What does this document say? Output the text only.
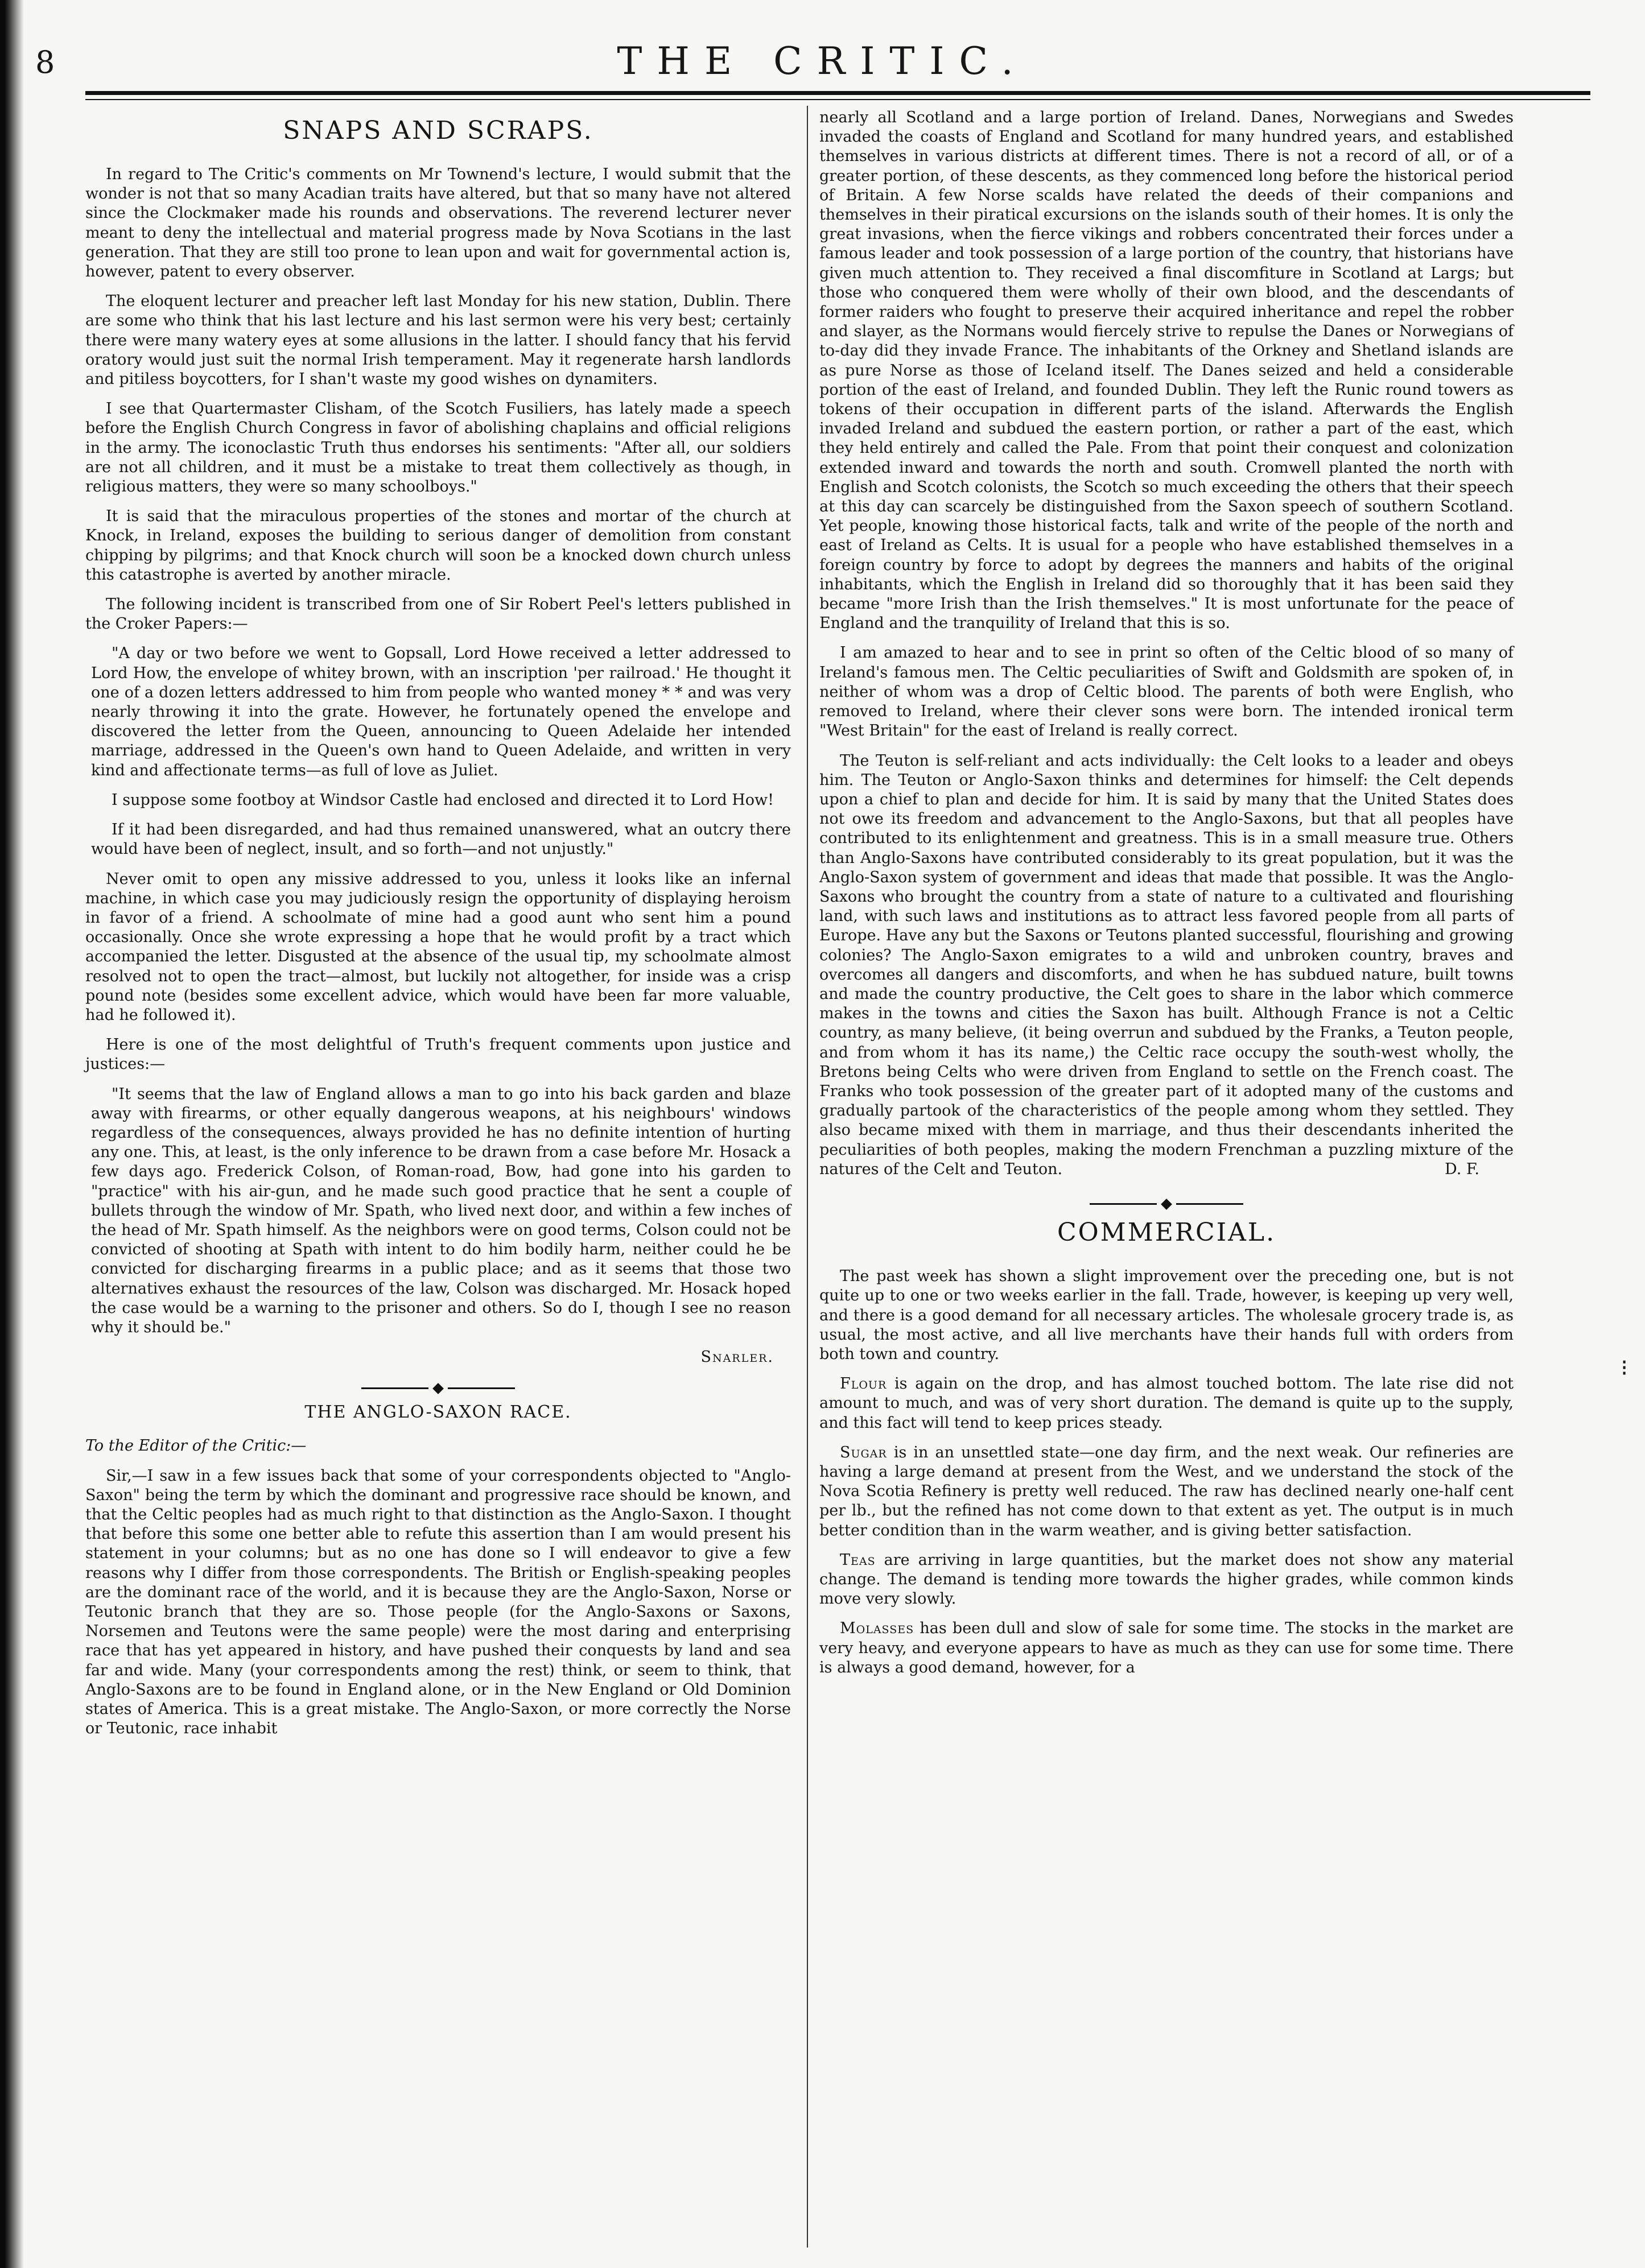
8	THE CRITIC.
SNAPS AND SCRAPS.

In regard to The Critic's comments on Mr Townend's lecture, I would submit that the wonder is not that so many Acadian traits have altered, but that so many have not altered since the Clockmaker made his rounds and observations. The reverend lecturer never meant to deny the intellectual and material progress made by Nova Scotians in the last generation. That they are still too prone to lean upon and wait for governmental action is, however, patent to every observer.

The eloquent lecturer and preacher left last Monday for his new station, Dublin. There are some who think that his last lecture and his last sermon were his very best; certainly there were many watery eyes at some allusions in the latter. I should fancy that his fervid oratory would just suit the normal Irish temperament. May it regenerate harsh landlords and pitiless boycotters, for I shan't waste my good wishes on dynamiters.

I see that Quartermaster Clisham, of the Scotch Fusiliers, has lately made a speech before the English Church Congress in favor of abolishing chaplains and official religions in the army. The iconoclastic Truth thus endorses his sentiments: "After all, our soldiers are not all children, and it must be a mistake to treat them collectively as though, in religious matters, they were so many schoolboys."

It is said that the miraculous properties of the stones and mortar of the church at Knock, in Ireland, exposes the building to serious danger of demolition from constant chipping by pilgrims; and that Knock church will soon be a knocked down church unless this catastrophe is averted by another miracle.

The following incident is transcribed from one of Sir Robert Peel's letters published in the Croker Papers:—

"A day or two before we went to Gopsall, Lord Howe received a letter addressed to Lord How, the envelope of whitey brown, with an inscription 'per railroad.' He thought it one of a dozen letters addressed to him from people who wanted money * * and was very nearly throwing it into the grate. However, he fortunately opened the envelope and discovered the letter from the Queen, announcing to Queen Adelaide her intended marriage, addressed in the Queen's own hand to Queen Adelaide, and written in very kind and affectionate terms—as full of love as Juliet.

I suppose some footboy at Windsor Castle had enclosed and directed it to Lord How!

If it had been disregarded, and had thus remained unanswered, what an outcry there would have been of neglect, insult, and so forth—and not unjustly."

Never omit to open any missive addressed to you, unless it looks like an infernal machine, in which case you may judiciously resign the opportunity of displaying heroism in favor of a friend. A schoolmate of mine had a good aunt who sent him a pound occasionally. Once she wrote expressing a hope that he would profit by a tract which accompanied the letter. Disgusted at the absence of the usual tip, my schoolmate almost resolved not to open the tract—almost, but luckily not altogether, for inside was a crisp pound note (besides some excellent advice, which would have been far more valuable, had he followed it).

Here is one of the most delightful of Truth's frequent comments upon justice and justices:—

"It seems that the law of England allows a man to go into his back garden and blaze away with firearms, or other equally dangerous weapons, at his neighbours' windows regardless of the consequences, always provided he has no definite intention of hurting any one. This, at least, is the only inference to be drawn from a case before Mr. Hosack a few days ago. Frederick Colson, of Roman-road, Bow, had gone into his garden to "practice" with his air-gun, and he made such good practice that he sent a couple of bullets through the window of Mr. Spath, who lived next door, and within a few inches of the head of Mr. Spath himself. As the neighbors were on good terms, Colson could not be convicted of shooting at Spath with intent to do him bodily harm, neither could he be convicted for discharging firearms in a public place; and as it seems that those two alternatives exhaust the resources of the law, Colson was discharged. Mr. Hosack hoped the case would be a warning to the prisoner and others. So do I, though I see no reason why it should be."

Snarler.
THE ANGLO-SAXON RACE.

To the Editor of the Critic:—

Sir,—I saw in a few issues back that some of your correspondents objected to "Anglo-Saxon" being the term by which the dominant and progressive race should be known, and that the Celtic peoples had as much right to that distinction as the Anglo-Saxon. I thought that before this some one better able to refute this assertion than I am would present his statement in your columns; but as no one has done so I will endeavor to give a few reasons why I differ from those correspondents. The British or English-speaking peoples are the dominant race of the world, and it is because they are the Anglo-Saxon, Norse or Teutonic branch that they are so. Those people (for the Anglo-Saxons or Saxons, Norsemen and Teutons were the same people) were the most daring and enterprising race that has yet appeared in history, and have pushed their conquests by land and sea far and wide. Many (your correspondents among the rest) think, or seem to think, that Anglo-Saxons are to be found in England alone, or in the New England or Old Dominion states of America. This is a great mistake. The Anglo-Saxon, or more correctly the Norse or Teutonic, race inhabit

nearly all Scotland and a large portion of Ireland. Danes, Norwegians and Swedes invaded the coasts of England and Scotland for many hundred years, and established themselves in various districts at different times. There is not a record of all, or of a greater portion, of these descents, as they commenced long before the historical period of Britain. A few Norse scalds have related the deeds of their companions and themselves in their piratical excursions on the islands south of their homes. It is only the great invasions, when the fierce vikings and robbers concentrated their forces under a famous leader and took possession of a large portion of the country, that historians have given much attention to. They received a final discomfiture in Scotland at Largs; but those who conquered them were wholly of their own blood, and the descendants of former raiders who fought to preserve their acquired inheritance and repel the robber and slayer, as the Normans would fiercely strive to repulse the Danes or Norwegians of to-day did they invade France. The inhabitants of the Orkney and Shetland islands are as pure Norse as those of Iceland itself. The Danes seized and held a considerable portion of the east of Ireland, and founded Dublin. They left the Runic round towers as tokens of their occupation in different parts of the island. Afterwards the English invaded Ireland and subdued the eastern portion, or rather a part of the east, which they held entirely and called the Pale. From that point their conquest and colonization extended inward and towards the north and south. Cromwell planted the north with English and Scotch colonists, the Scotch so much exceeding the others that their speech at this day can scarcely be distinguished from the Saxon speech of southern Scotland. Yet people, knowing those historical facts, talk and write of the people of the north and east of Ireland as Celts. It is usual for a people who have established themselves in a foreign country by force to adopt by degrees the manners and habits of the original inhabitants, which the English in Ireland did so thoroughly that it has been said they became "more Irish than the Irish themselves." It is most unfortunate for the peace of England and the tranquility of Ireland that this is so.

I am amazed to hear and to see in print so often of the Celtic blood of so many of Ireland's famous men. The Celtic peculiarities of Swift and Goldsmith are spoken of, in neither of whom was a drop of Celtic blood. The parents of both were English, who removed to Ireland, where their clever sons were born. The intended ironical term "West Britain" for the east of Ireland is really correct.

The Teuton is self-reliant and acts individually: the Celt looks to a leader and obeys him. The Teuton or Anglo-Saxon thinks and determines for himself: the Celt depends upon a chief to plan and decide for him. It is said by many that the United States does not owe its freedom and advancement to the Anglo-Saxons, but that all peoples have contributed to its enlightenment and greatness. This is in a small measure true. Others than Anglo-Saxons have contributed considerably to its great population, but it was the Anglo-Saxon system of government and ideas that made that possible. It was the Anglo-Saxons who brought the country from a state of nature to a cultivated and flourishing land, with such laws and institutions as to attract less favored people from all parts of Europe. Have any but the Saxons or Teutons planted successful, flourishing and growing colonies? The Anglo-Saxon emigrates to a wild and unbroken country, braves and overcomes all dangers and discomforts, and when he has subdued nature, built towns and made the country productive, the Celt goes to share in the labor which commerce makes in the towns and cities the Saxon has built. Although France is not a Celtic country, as many believe, (it being overrun and subdued by the Franks, a Teuton people, and from whom it has its name,) the Celtic race occupy the south-west wholly, the Bretons being Celts who were driven from England to settle on the French coast. The Franks who took possession of the greater part of it adopted many of the customs and gradually partook of the characteristics of the people among whom they settled. They also became mixed with them in marriage, and thus their descendants inherited the peculiarities of both peoples, making the modern Frenchman a puzzling mixture of the natures of the Celt and Teuton.	D. F.
COMMERCIAL.

The past week has shown a slight improvement over the preceding one, but is not quite up to one or two weeks earlier in the fall. Trade, however, is keeping up very well, and there is a good demand for all necessary articles. The wholesale grocery trade is, as usual, the most active, and all live merchants have their hands full with orders from both town and country.

Flour is again on the drop, and has almost touched bottom. The late rise did not amount to much, and was of very short duration. The demand is quite up to the supply, and this fact will tend to keep prices steady.

Sugar is in an unsettled state—one day firm, and the next weak. Our refineries are having a large demand at present from the West, and we understand the stock of the Nova Scotia Refinery is pretty well reduced. The raw has declined nearly one-half cent per lb., but the refined has not come down to that extent as yet. The output is in much better condition than in the warm weather, and is giving better satisfaction.

Teas are arriving in large quantities, but the market does not show any material change. The demand is tending more towards the higher grades, while common kinds move very slowly.

Molasses has been dull and slow of sale for some time. The stocks in the market are very heavy, and everyone appears to have as much as they can use for some time. There is always a good demand, however, for a

⁝
